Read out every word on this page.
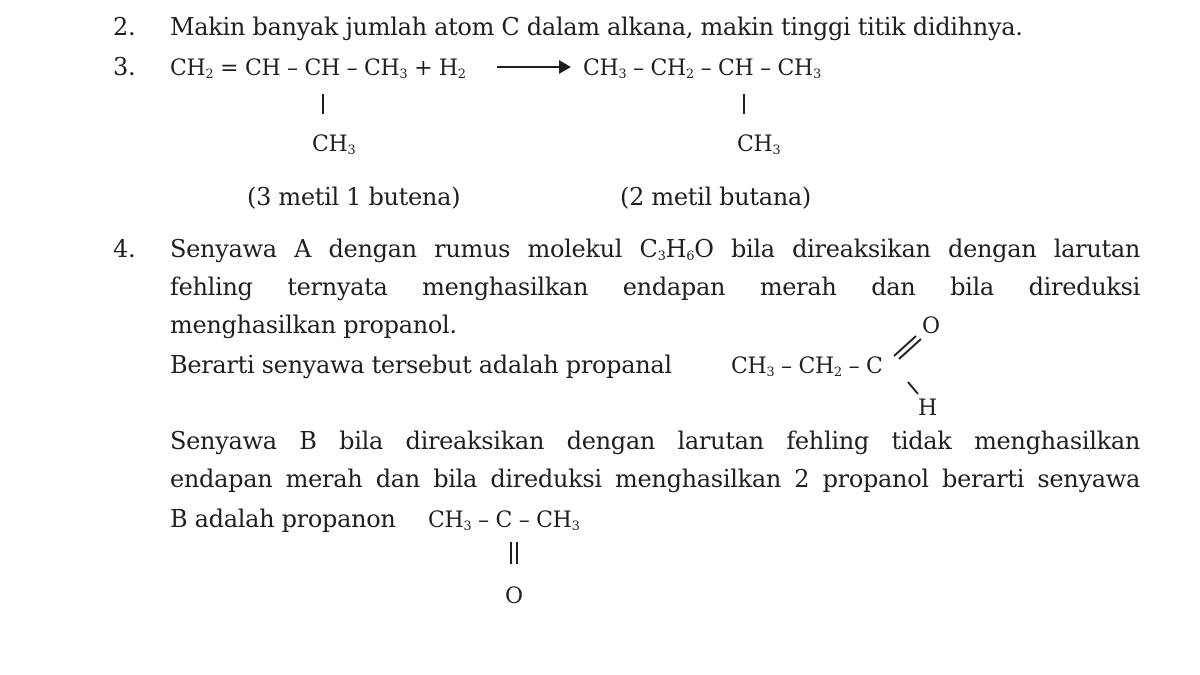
2. Makin banyak jumlah atom C dalam alkana, makin tinggi titik didihnya.
3. $CH_2$ = CH – CH – $CH_3 + H_2 \to CH_3 - CH_2$ – CH – $CH_3$
$CH_3$	$CH_3$
(3 metil 1 butena)	(2 metil butana)
4. Senyawa A dengan rumus molekul $C_3H_6O$ bila direaksikan dengan larutan
fehling ternyata menghasilkan endapan merah dan bila direduksi
menghasilkan propanol.
Berarti senyawa tersebut adalah propanal	$CH_3 - CH_2$ – C
O
H
Senyawa B bila direaksikan dengan larutan fehling tidak menghasilkan
endapan merah dan bila direduksi menghasilkan 2 propanol berarti senyawa
B adalah propanon $CH_3$ – C – $CH_3$
O
